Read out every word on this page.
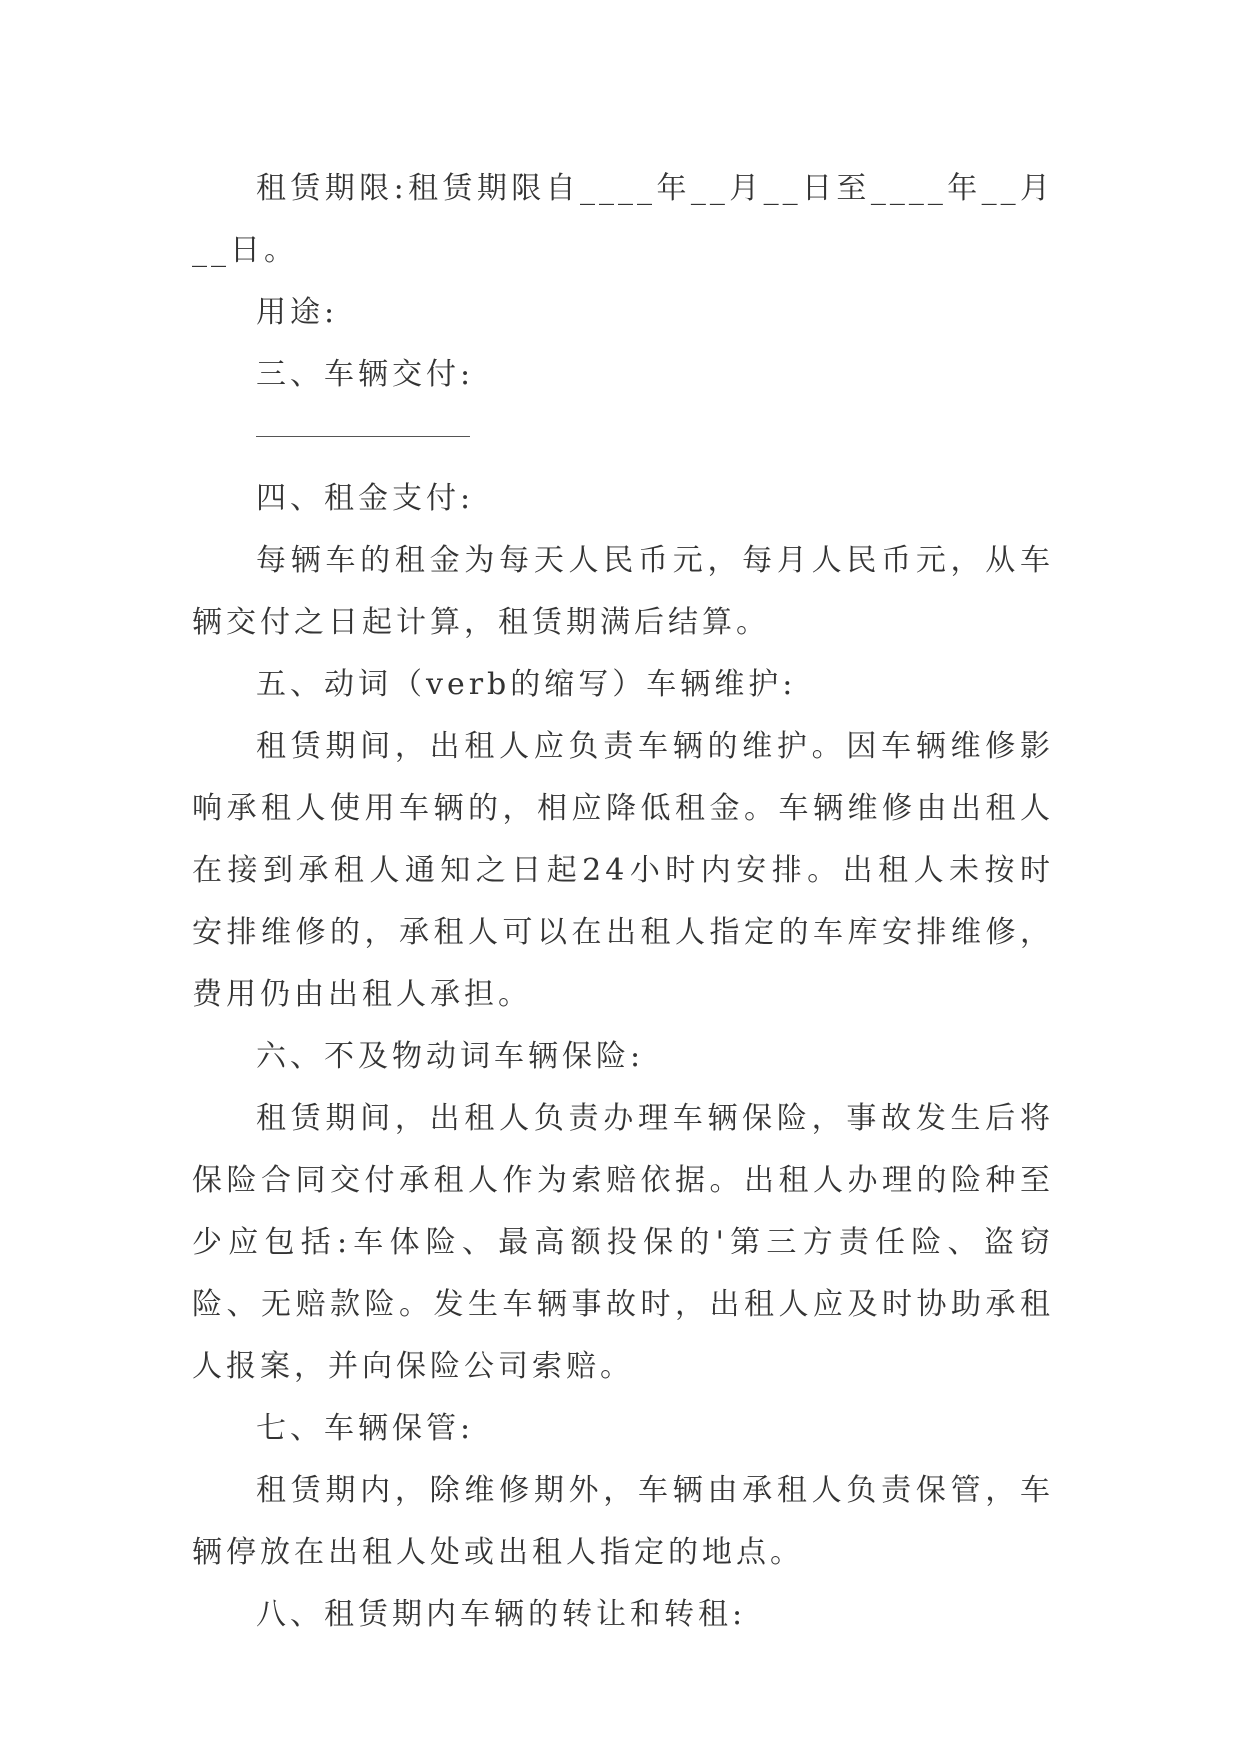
租赁期限:租赁期限自____年__月__日至____年__月__日。

用途:

三、车辆交付:

四、租金支付:

每辆车的租金为每天人民币元，每月人民币元，从车辆交付之日起计算，租赁期满后结算。

五、动词（verb的缩写）车辆维护:

租赁期间，出租人应负责车辆的维护。因车辆维修影响承租人使用车辆的，相应降低租金。车辆维修由出租人在接到承租人通知之日起24小时内安排。出租人未按时安排维修的，承租人可以在出租人指定的车库安排维修，费用仍由出租人承担。

六、不及物动词车辆保险:

租赁期间，出租人负责办理车辆保险，事故发生后将保险合同交付承租人作为索赔依据。出租人办理的险种至少应包括:车体险、最高额投保的'第三方责任险、盗窃险、无赔款险。发生车辆事故时，出租人应及时协助承租人报案，并向保险公司索赔。

七、车辆保管:

租赁期内，除维修期外，车辆由承租人负责保管，车辆停放在出租人处或出租人指定的地点。

八、租赁期内车辆的转让和转租:
